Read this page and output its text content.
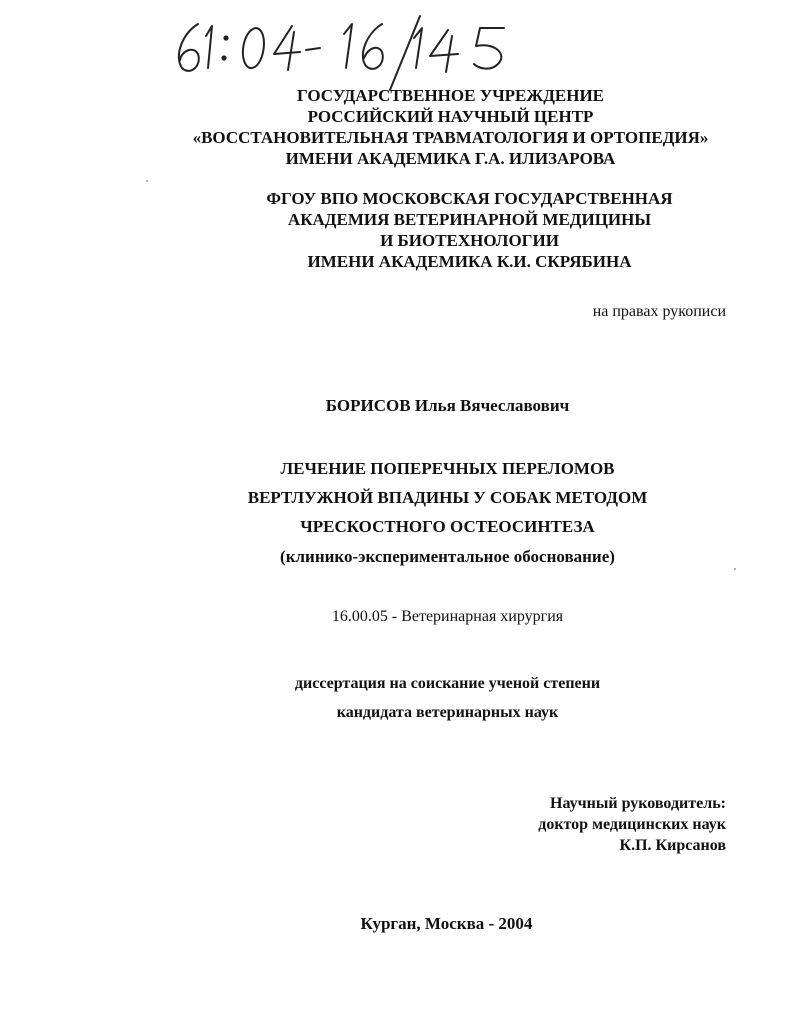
ГОСУДАРСТВЕННОЕ УЧРЕЖДЕНИЕ
РОССИЙСКИЙ НАУЧНЫЙ ЦЕНТР
«ВОССТАНОВИТЕЛЬНАЯ ТРАВМАТОЛОГИЯ И ОРТОПЕДИЯ»
ИМЕНИ АКАДЕМИКА Г.А. ИЛИЗАРОВА
ФГОУ ВПО МОСКОВСКАЯ ГОСУДАРСТВЕННАЯ
АКАДЕМИЯ ВЕТЕРИНАРНОЙ МЕДИЦИНЫ
И БИОТЕХНОЛОГИИ
ИМЕНИ АКАДЕМИКА К.И. СКРЯБИНА
на правах рукописи
БОРИСОВ Илья Вячеславович
ЛЕЧЕНИЕ ПОПЕРЕЧНЫХ ПЕРЕЛОМОВ
ВЕРТЛУЖНОЙ ВПАДИНЫ У СОБАК МЕТОДОМ
ЧРЕСКОСТНОГО ОСТЕОСИНТЕЗА
(клинико-экспериментальное обоснование)
16.00.05 - Ветеринарная хирургия
диссертация на соискание ученой степени
кандидата ветеринарных наук
Научный руководитель:
доктор медицинских наук
К.П. Кирсанов
Курган, Москва - 2004
